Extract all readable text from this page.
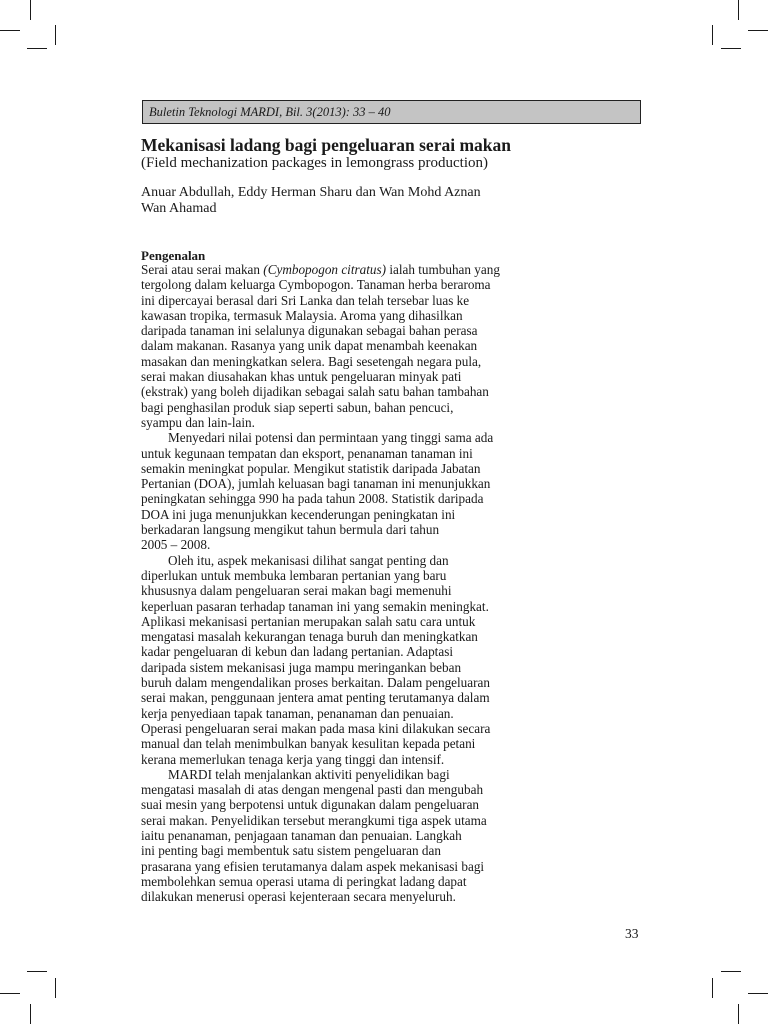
Buletin Teknologi MARDI, Bil. 3(2013): 33 – 40
Mekanisasi ladang bagi pengeluaran serai makan
(Field mechanization packages in lemongrass production)
Anuar Abdullah, Eddy Herman Sharu dan Wan Mohd Aznan
Wan Ahamad
Pengenalan
Serai atau serai makan (Cymbopogon citratus) ialah tumbuhan yang
tergolong dalam keluarga Cymbopogon. Tanaman herba beraroma
ini dipercayai berasal dari Sri Lanka dan telah tersebar luas ke
kawasan tropika, termasuk Malaysia. Aroma yang dihasilkan
daripada tanaman ini selalunya digunakan sebagai bahan perasa
dalam makanan. Rasanya yang unik dapat menambah keenakan
masakan dan meningkatkan selera. Bagi sesetengah negara pula,
serai makan diusahakan khas untuk pengeluaran minyak pati
(ekstrak) yang boleh dijadikan sebagai salah satu bahan tambahan
bagi penghasilan produk siap seperti sabun, bahan pencuci,
syampu dan lain-lain.
Menyedari nilai potensi dan permintaan yang tinggi sama ada
untuk kegunaan tempatan dan eksport, penanaman tanaman ini
semakin meningkat popular. Mengikut statistik daripada Jabatan
Pertanian (DOA), jumlah keluasan bagi tanaman ini menunjukkan
peningkatan sehingga 990 ha pada tahun 2008. Statistik daripada
DOA ini juga menunjukkan kecenderungan peningkatan ini
berkadaran langsung mengikut tahun bermula dari tahun
2005 – 2008.
Oleh itu, aspek mekanisasi dilihat sangat penting dan
diperlukan untuk membuka lembaran pertanian yang baru
khususnya dalam pengeluaran serai makan bagi memenuhi
keperluan pasaran terhadap tanaman ini yang semakin meningkat.
Aplikasi mekanisasi pertanian merupakan salah satu cara untuk
mengatasi masalah kekurangan tenaga buruh dan meningkatkan
kadar pengeluaran di kebun dan ladang pertanian. Adaptasi
daripada sistem mekanisasi juga mampu meringankan beban
buruh dalam mengendalikan proses berkaitan. Dalam pengeluaran
serai makan, penggunaan jentera amat penting terutamanya dalam
kerja penyediaan tapak tanaman, penanaman dan penuaian.
Operasi pengeluaran serai makan pada masa kini dilakukan secara
manual dan telah menimbulkan banyak kesulitan kepada petani
kerana memerlukan tenaga kerja yang tinggi dan intensif.
MARDI telah menjalankan aktiviti penyelidikan bagi
mengatasi masalah di atas dengan mengenal pasti dan mengubah
suai mesin yang berpotensi untuk digunakan dalam pengeluaran
serai makan. Penyelidikan tersebut merangkumi tiga aspek utama
iaitu penanaman, penjagaan tanaman dan penuaian. Langkah
ini penting bagi membentuk satu sistem pengeluaran dan
prasarana yang efisien terutamanya dalam aspek mekanisasi bagi
membolehkan semua operasi utama di peringkat ladang dapat
dilakukan menerusi operasi kejenteraan secara menyeluruh.
33
